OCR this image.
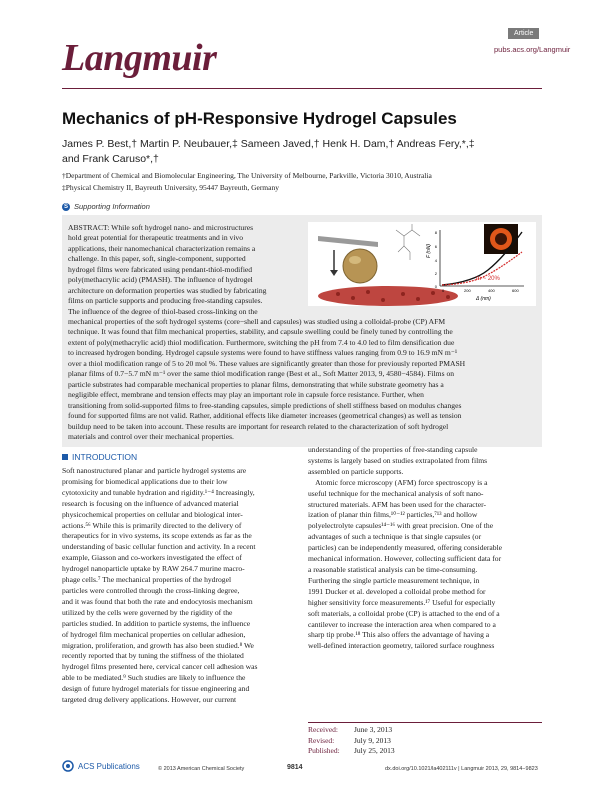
Langmuir
Article
pubs.acs.org/Langmuir
Mechanics of pH-Responsive Hydrogel Capsules
James P. Best,† Martin P. Neubauer,‡ Sameen Javed,† Henk H. Dam,† Andreas Fery,*,‡
and Frank Caruso*,†
†Department of Chemical and Biomolecular Engineering, The University of Melbourne, Parkville, Victoria 3010, Australia
‡Physical Chemistry II, Bayreuth University, 95447 Bayreuth, Germany
S Supporting Information
ABSTRACT: While soft hydrogel nano- and microstructures
hold great potential for therapeutic treatments and in vivo
applications, their nanomechanical characterization remains a
challenge. In this paper, soft, single-component, supported
hydrogel films were fabricated using pendant-thiol-modified
poly(methacrylic acid) (PMASH). The influence of hydrogel
architecture on deformation properties was studied by fabricating
films on particle supports and producing free-standing capsules.
The influence of the degree of thiol-based cross-linking on the
mechanical properties of the soft hydrogel systems (core−shell and capsules) was studied using a colloidal-probe (CP) AFM
technique. It was found that film mechanical properties, stability, and capsule swelling could be finely tuned by controlling the
extent of poly(methacrylic acid) thiol modification. Furthermore, switching the pH from 7.4 to 4.0 led to film densification due
to increased hydrogen bonding. Hydrogel capsule systems were found to have stiffness values ranging from 0.9 to 16.9 mN m⁻¹
over a thiol modification range of 5 to 20 mol %. These values are significantly greater than those for previously reported PMASH
planar films of 0.7−5.7 mN m⁻¹ over the same thiol modification range (Best et al., Soft Matter 2013, 9, 4580−4584). Films on
particle substrates had comparable mechanical properties to planar films, demonstrating that while substrate geometry has a
negligible effect, membrane and tension effects may play an important role in capsule force resistance. Further, when
transitioning from solid-supported films to free-standing capsules, simple predictions of shell stiffness based on modulus changes
found for supported films are not valid. Rather, additional effects like diameter increases (geometrical changes) as well as tension
buildup need to be taken into account. These results are important for research related to the characterization of soft hydrogel
materials and control over their mechanical properties.
8
6
4
2
0
0	200	400	600
F (nN)
Δ (nm)
m ~ 20%
INTRODUCTION
Soft nanostructured planar and particle hydrogel systems are
promising for biomedical applications due to their low
cytotoxicity and tunable hydration and rigidity.¹⁻⁴ Increasingly,
research is focusing on the influence of advanced material
physicochemical properties on cellular and biological inter-
actions.⁵⁶ While this is primarily directed to the delivery of
therapeutics for in vivo systems, its scope extends as far as the
understanding of basic cellular function and activity. In a recent
example, Giasson and co-workers investigated the effect of
hydrogel nanoparticle uptake by RAW 264.7 murine macro-
phage cells.⁷ The mechanical properties of the hydrogel
particles were controlled through the cross-linking degree,
and it was found that both the rate and endocytosis mechanism
utilized by the cells were governed by the rigidity of the
particles studied. In addition to particle systems, the influence
of hydrogel film mechanical properties on cellular adhesion,
migration, proliferation, and growth has also been studied.⁸ We
recently reported that by tuning the stiffness of the thiolated
hydrogel films presented here, cervical cancer cell adhesion was
able to be mediated.⁹ Such studies are likely to influence the
design of future hydrogel materials for tissue engineering and
targeted drug delivery applications. However, our current
understanding of the properties of free-standing capsule
systems is largely based on studies extrapolated from films
assembled on particle supports.
Atomic force microscopy (AFM) force spectroscopy is a
useful technique for the mechanical analysis of soft nano-
structured materials. AFM has been used for the character-
ization of planar thin films,¹⁰⁻¹² particles,⁷¹³ and hollow
polyelectrolyte capsules¹⁴⁻¹⁶ with great precision. One of the
advantages of such a technique is that single capsules (or
particles) can be independently measured, offering considerable
mechanical information. However, collecting sufficient data for
a reasonable statistical analysis can be time-consuming.
Furthering the single particle measurement technique, in
1991 Ducker et al. developed a colloidal probe method for
higher sensitivity force measurements.¹⁷ Useful for especially
soft materials, a colloidal probe (CP) is attached to the end of a
cantilever to increase the interaction area when compared to a
sharp tip probe.¹⁸ This also offers the advantage of having a
well-defined interaction geometry, tailored surface roughness
Received: June 3, 2013
Revised:	July 9, 2013
Published: July 25, 2013
ACS Publications	© 2013 American Chemical Society	9814	dx.doi.org/10.1021/la402111v | Langmuir 2013, 29, 9814−9823
